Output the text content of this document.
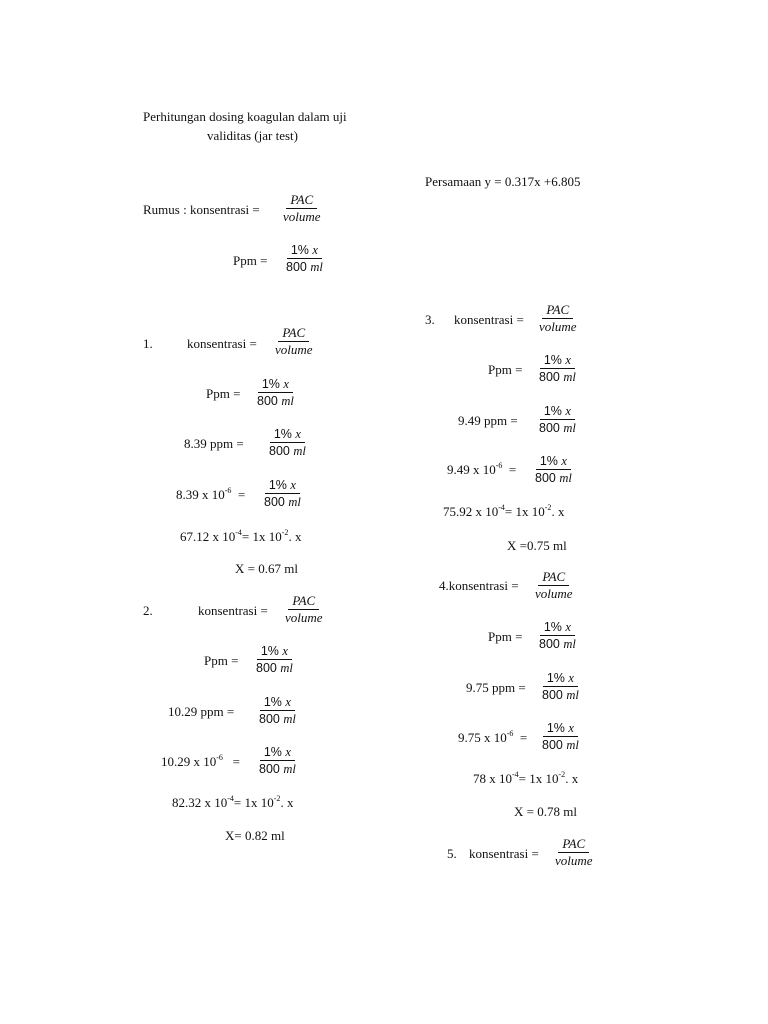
Perhitungan dosing koagulan dalam uji
validitas (jar test)
Persamaan y = 0.317x +6.805
Rumus : konsentrasi =
PAC
volume
Ppm = $\frac{1\% x}{800 ml}$
1.	konsentrasi =
PAC
volume
Ppm = $\frac{1\% x}{800 ml}$
8.39 ppm = $\frac{1\% x}{800 ml}$
8.39 x $10^{-6} = \frac{1\% x}{800 ml}$
67.12 x $10^{-4}= 1x$ $10^{-2}$. x
X = 0.67 ml
2.	konsentrasi =
PAC
volume
Ppm = $\frac{1\% x}{800 ml}$
10.29 ppm = $\frac{1\% x}{800 ml}$
10.29 x $10^{-6} = \frac{1\% x}{800 ml}$
82.32 x $10^{-4}= 1x$ $10^{-2}$. x
X= 0.82 ml
3. konsentrasi =
PAC
volume
Ppm = $\frac{1\% x}{800 ml}$
9.49 ppm = $\frac{1\% x}{800 ml}$
9.49 x $10^{-6} = \frac{1\% x}{800 ml}$
75.92 x $10^{-4}= 1x$ $10^{-2}$. x
X =0.75 ml
4.konsentrasi =
PAC
volume
Ppm = $\frac{1\% x}{800 ml}$
9.75 ppm = $\frac{1\% x}{800 ml}$
9.75 x $10^{-6} = \frac{1\% x}{800 ml}$
78 x $10^{-4}= 1x$ $10^{-2}$. x
X = 0.78 ml
5. konsentrasi =
PAC
volume
